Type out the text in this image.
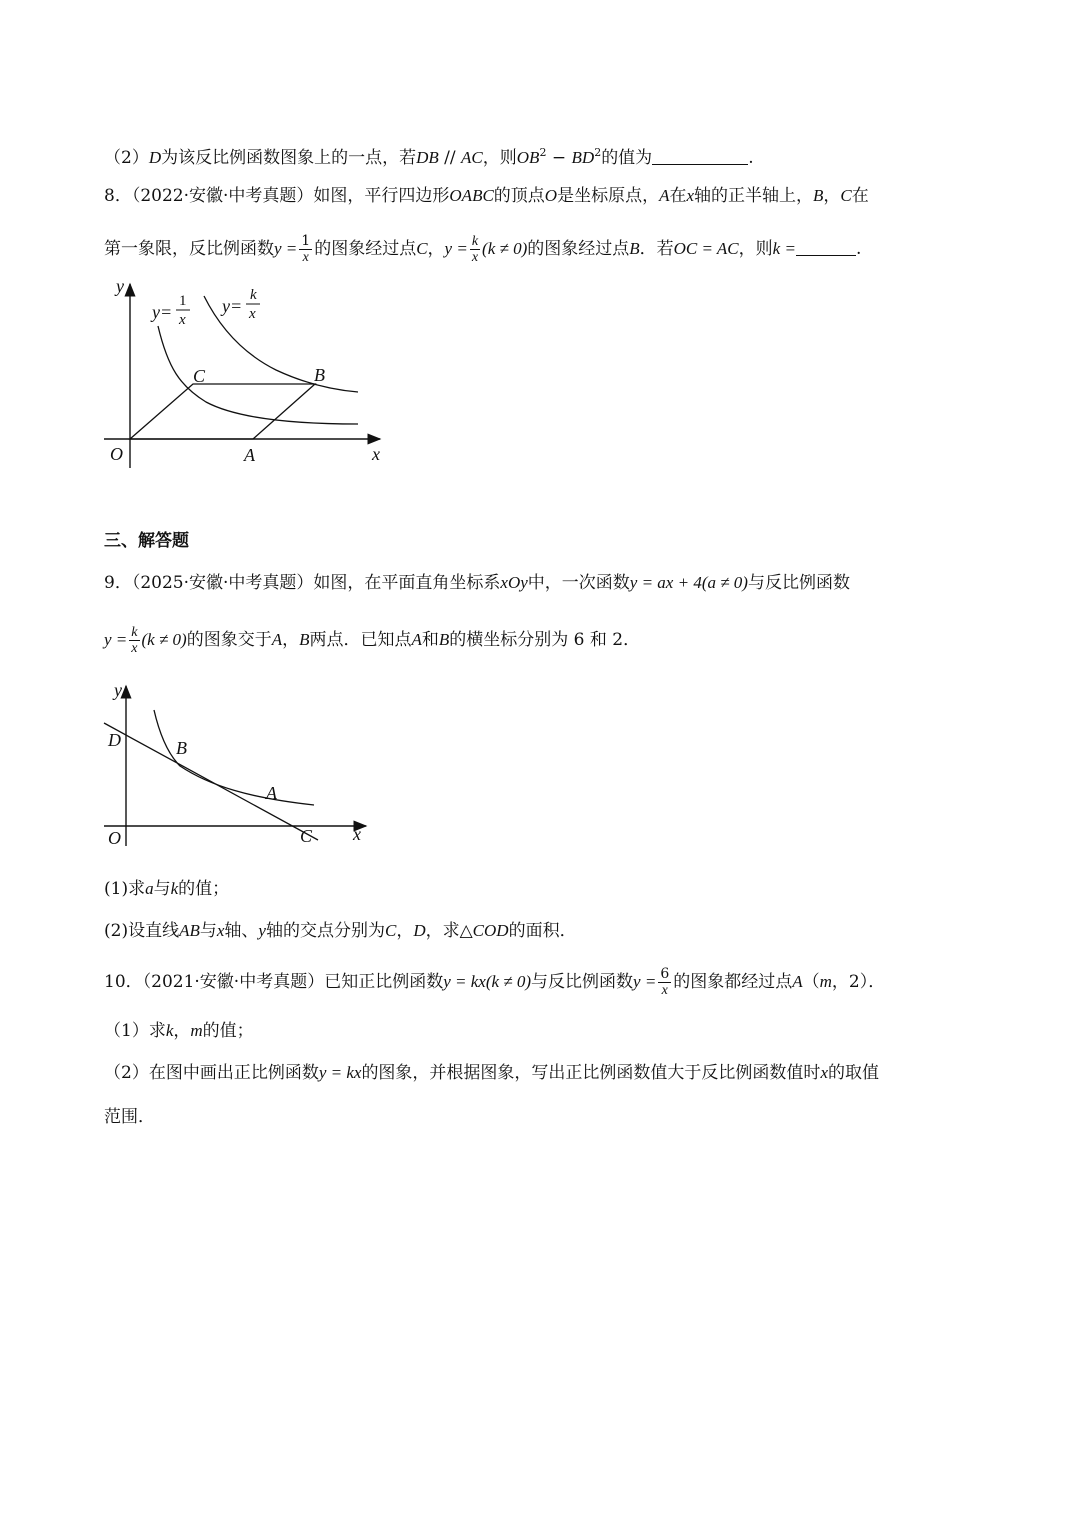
（2）D为该反比例函数图象上的一点，若DB // AC，则$OB^2 - BD^2$的值为	.
8．（2022·安徽·中考真题）如图，平行四边形OABC的顶点O是坐标原点，A在x轴的正半轴上，B，C在
第一象限，反比例函数$y = \frac{1}{x}$ 的图象经过点C，$y = \frac{k}{x} (k \ne 0)$的图象经过点B．若OC = AC，则k =	.
y
x
O	A
B
C
y=
1
x
y=
k
x
三、解答题
9．（2025·安徽·中考真题）如图，在平面直角坐标系xOy中，一次函数y = ax + 4(a ≠ 0)与反比例函数
$y = \frac{k}{x} (k \ne 0)$的图象交于A，B两点．已知点A和B的横坐标分别为 6 和 2．
y
x
O
A
B
C
D
(1)求a与k的值；
(2)设直线AB与x轴、y轴的交点分别为C，D，求△COD的面积．
10．（2021·安徽·中考真题）已知正比例函数y = kx(k ≠ 0)与反比例函数$y = \frac{6}{x}$ 的图象都经过点A（m，2）．
（1）求k，m的值；
（2）在图中画出正比例函数y = kx的图象，并根据图象，写出正比例函数值大于反比例函数值时x的取值
范围．
